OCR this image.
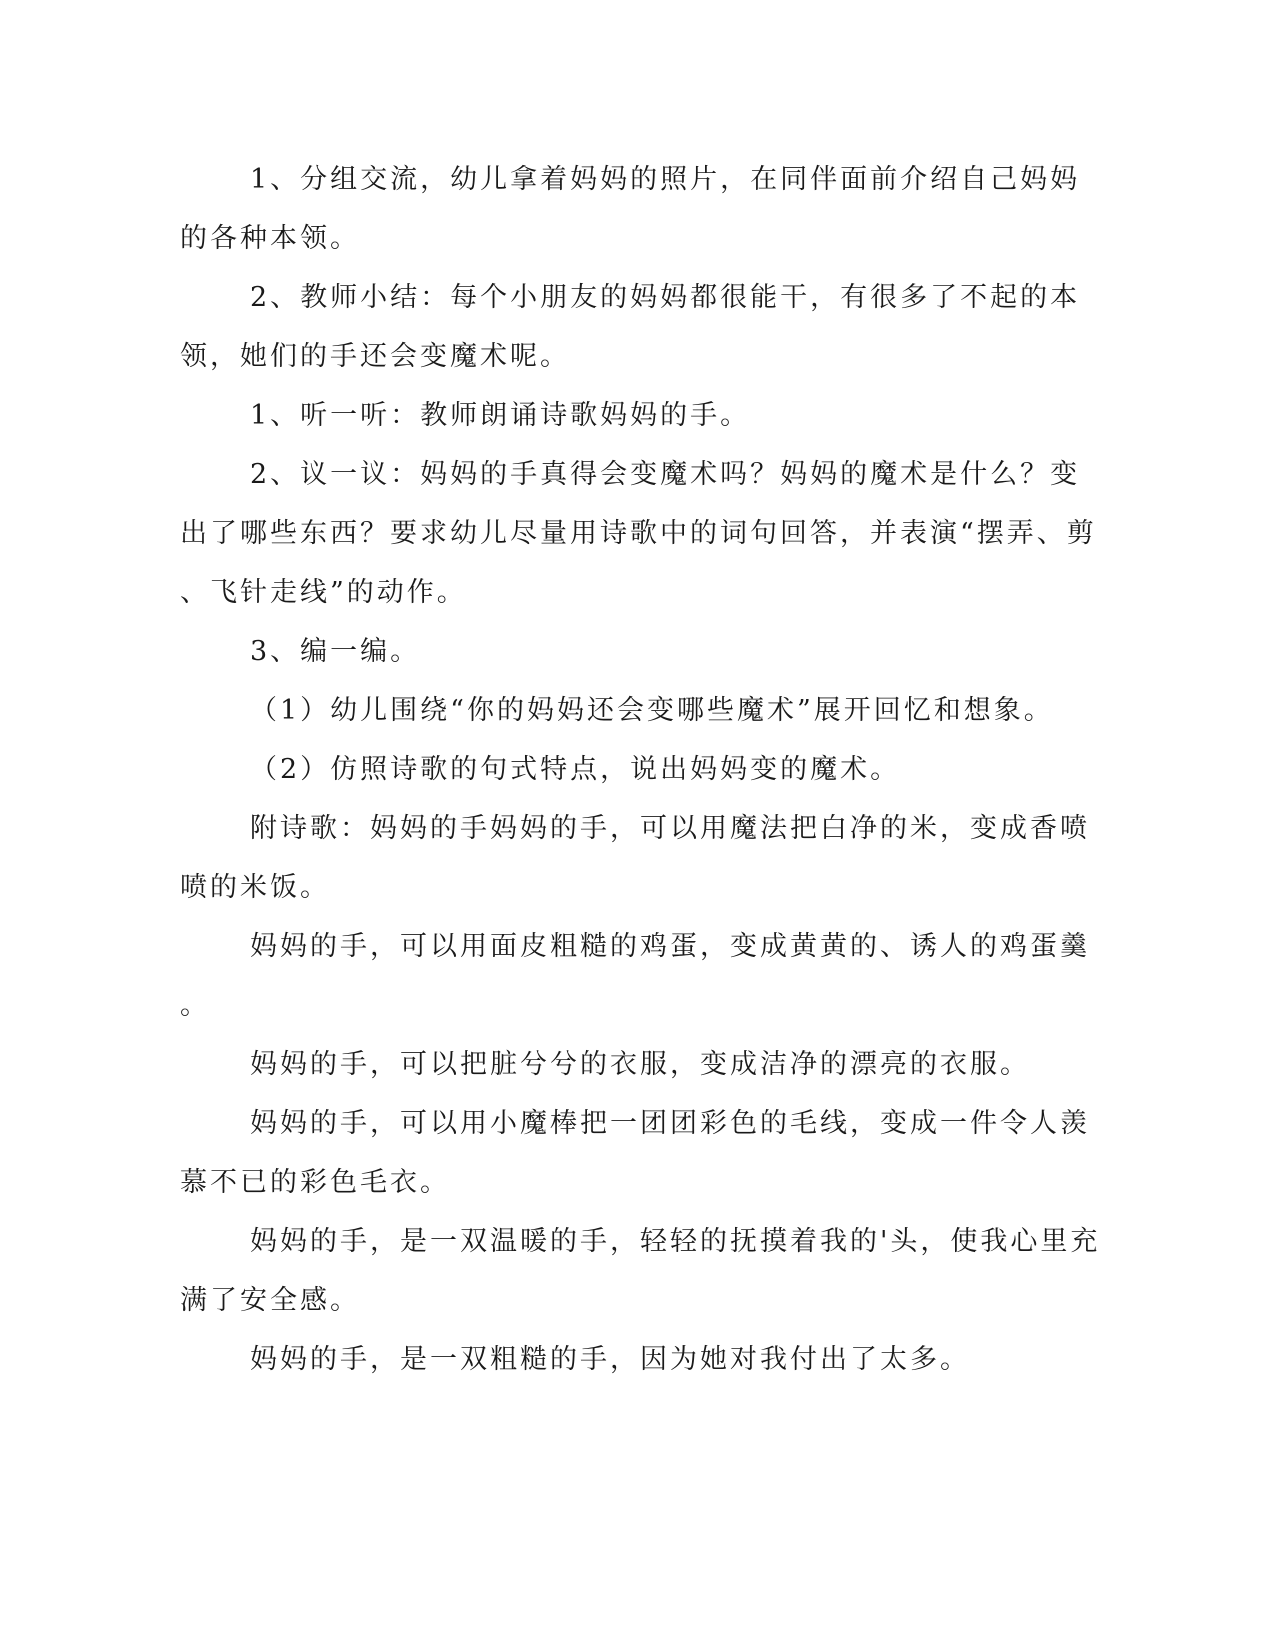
1、分组交流，幼儿拿着妈妈的照片，在同伴面前介绍自己妈妈
的各种本领。
2、教师小结：每个小朋友的妈妈都很能干，有很多了不起的本
领，她们的手还会变魔术呢。
1、听一听：教师朗诵诗歌妈妈的手。
2、议一议：妈妈的手真得会变魔术吗？妈妈的魔术是什么？变
出了哪些东西？要求幼儿尽量用诗歌中的词句回答，并表演“摆弄、剪
、飞针走线”的动作。
3、编一编。
（1）幼儿围绕“你的妈妈还会变哪些魔术”展开回忆和想象。
（2）仿照诗歌的句式特点，说出妈妈变的魔术。
附诗歌：妈妈的手妈妈的手，可以用魔法把白净的米，变成香喷
喷的米饭。
妈妈的手，可以用面皮粗糙的鸡蛋，变成黄黄的、诱人的鸡蛋羹
。
妈妈的手，可以把脏兮兮的衣服，变成洁净的漂亮的衣服。
妈妈的手，可以用小魔棒把一团团彩色的毛线，变成一件令人羡
慕不已的彩色毛衣。
妈妈的手，是一双温暖的手，轻轻的抚摸着我的'头，使我心里充
满了安全感。
妈妈的手，是一双粗糙的手，因为她对我付出了太多。
